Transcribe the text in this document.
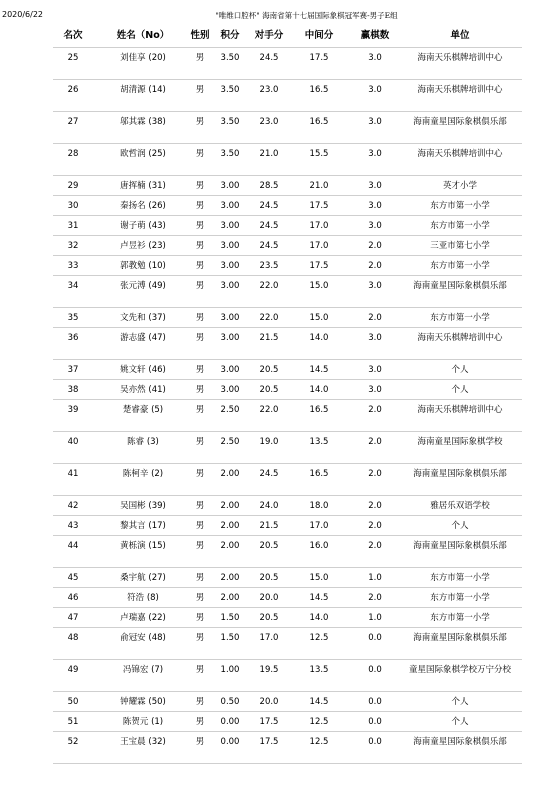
2020/6/22	"唯维口腔杯" 海南省第十七届国际象棋冠军赛-男子E组
名次	姓名（No）	性别	积分	对手分	中间分	赢棋数	单位
25	刘佳享 (20)	男	3.50	24.5	17.5	3.0	海南天乐棋牌培训中心
26	胡清源 (14)	男	3.50	23.0	16.5	3.0	海南天乐棋牌培训中心
27	邬其霖 (38)	男	3.50	23.0	16.5	3.0	海南童星国际象棋俱乐部
28	欧哲润 (25)	男	3.50	21.0	15.5	3.0	海南天乐棋牌培训中心
29	唐挥楠 (31)	男	3.00	28.5	21.0	3.0	英才小学
30	秦扬名 (26)	男	3.00	24.5	17.5	3.0	东方市第一小学
31	谢子萌 (43)	男	3.00	24.5	17.0	3.0	东方市第一小学
32	卢昱衫 (23)	男	3.00	24.5	17.0	2.0	三亚市第七小学
33	郭教勉 (10)	男	3.00	23.5	17.5	2.0	东方市第一小学
34	张元溥 (49)	男	3.00	22.0	15.0	3.0	海南童星国际象棋俱乐部
35	文先和 (37)	男	3.00	22.0	15.0	2.0	东方市第一小学
36	游志盛 (47)	男	3.00	21.5	14.0	3.0	海南天乐棋牌培训中心
37	姚文轩 (46)	男	3.00	20.5	14.5	3.0	个人
38	吴亦然 (41)	男	3.00	20.5	14.0	3.0	个人
39	楚睿豪 (5)	男	2.50	22.0	16.5	2.0	海南天乐棋牌培训中心
40	陈睿 (3)	男	2.50	19.0	13.5	2.0	海南童星国际象棋学校
41	陈柯辛 (2)	男	2.00	24.5	16.5	2.0	海南童星国际象棋俱乐部
42	吴国彬 (39)	男	2.00	24.0	18.0	2.0	雅居乐双语学校
43	黎其言 (17)	男	2.00	21.5	17.0	2.0	个人
44	黄栎演 (15)	男	2.00	20.5	16.0	2.0	海南童星国际象棋俱乐部
45	桑宇航 (27)	男	2.00	20.5	15.0	1.0	东方市第一小学
46	符浩 (8)	男	2.00	20.0	14.5	2.0	东方市第一小学
47	卢瑞嘉 (22)	男	1.50	20.5	14.0	1.0	东方市第一小学
48	俞冠安 (48)	男	1.50	17.0	12.5	0.0	海南童星国际象棋俱乐部
49	冯锦宏 (7)	男	1.00	19.5	13.5	0.0	童星国际象棋学校万宁分校
50	钟耀霖 (50)	男	0.50	20.0	14.5	0.0	个人
51	陈贺元 (1)	男	0.00	17.5	12.5	0.0	个人
52	王宝晨 (32)	男	0.00	17.5	12.5	0.0	海南童星国际象棋俱乐部
